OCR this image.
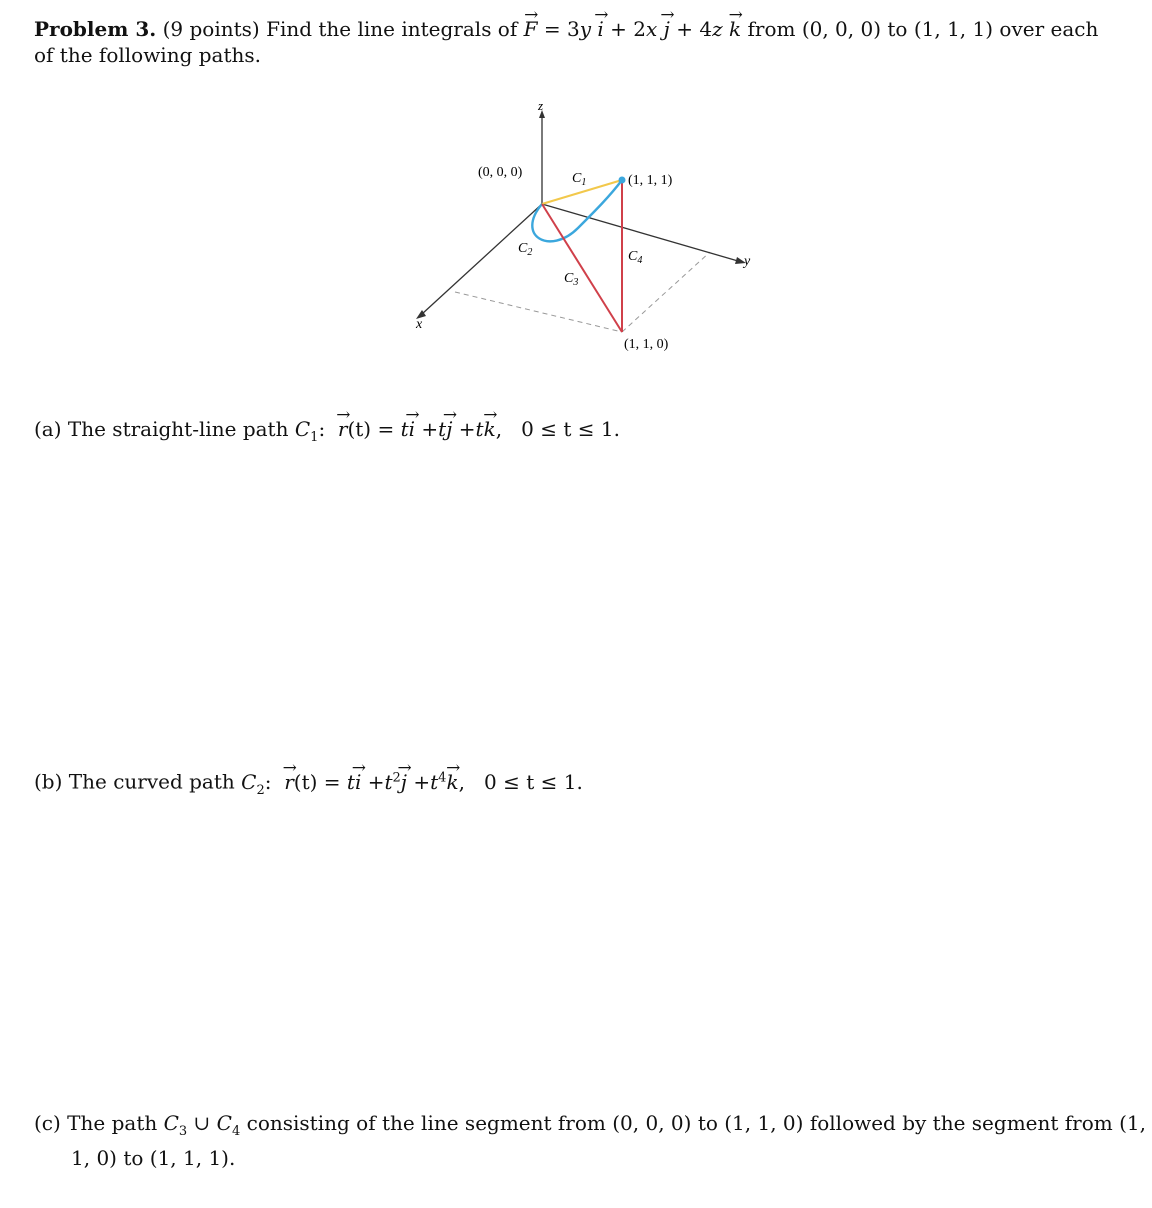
Problem 3. (9 points) Find the line integrals of → F = 3y → i + 2x → j + 4z → k from (0, 0, 0) to (1, 1, 1) over each of the following paths.
z
y
x
(0, 0, 0)
(1, 1, 1)
(1, 1, 0)
$C_1$
$C_2$
$C_3$
$C_4$
(a) The straight-line path $C_1$: → r(t) = t→ i +t→ j +t→ k, 0 ≤ t ≤ 1.
(b) The curved path $C_2$: → $r(t) = t\to i +t^2\to j +t^4\to k$, 0 ≤ t ≤ 1.
(c) The path $C_3$ ∪ $C_4$ consisting of the line segment from (0, 0, 0) to (1, 1, 0) followed by the segment from (1, 1, 0) to (1, 1, 1).
